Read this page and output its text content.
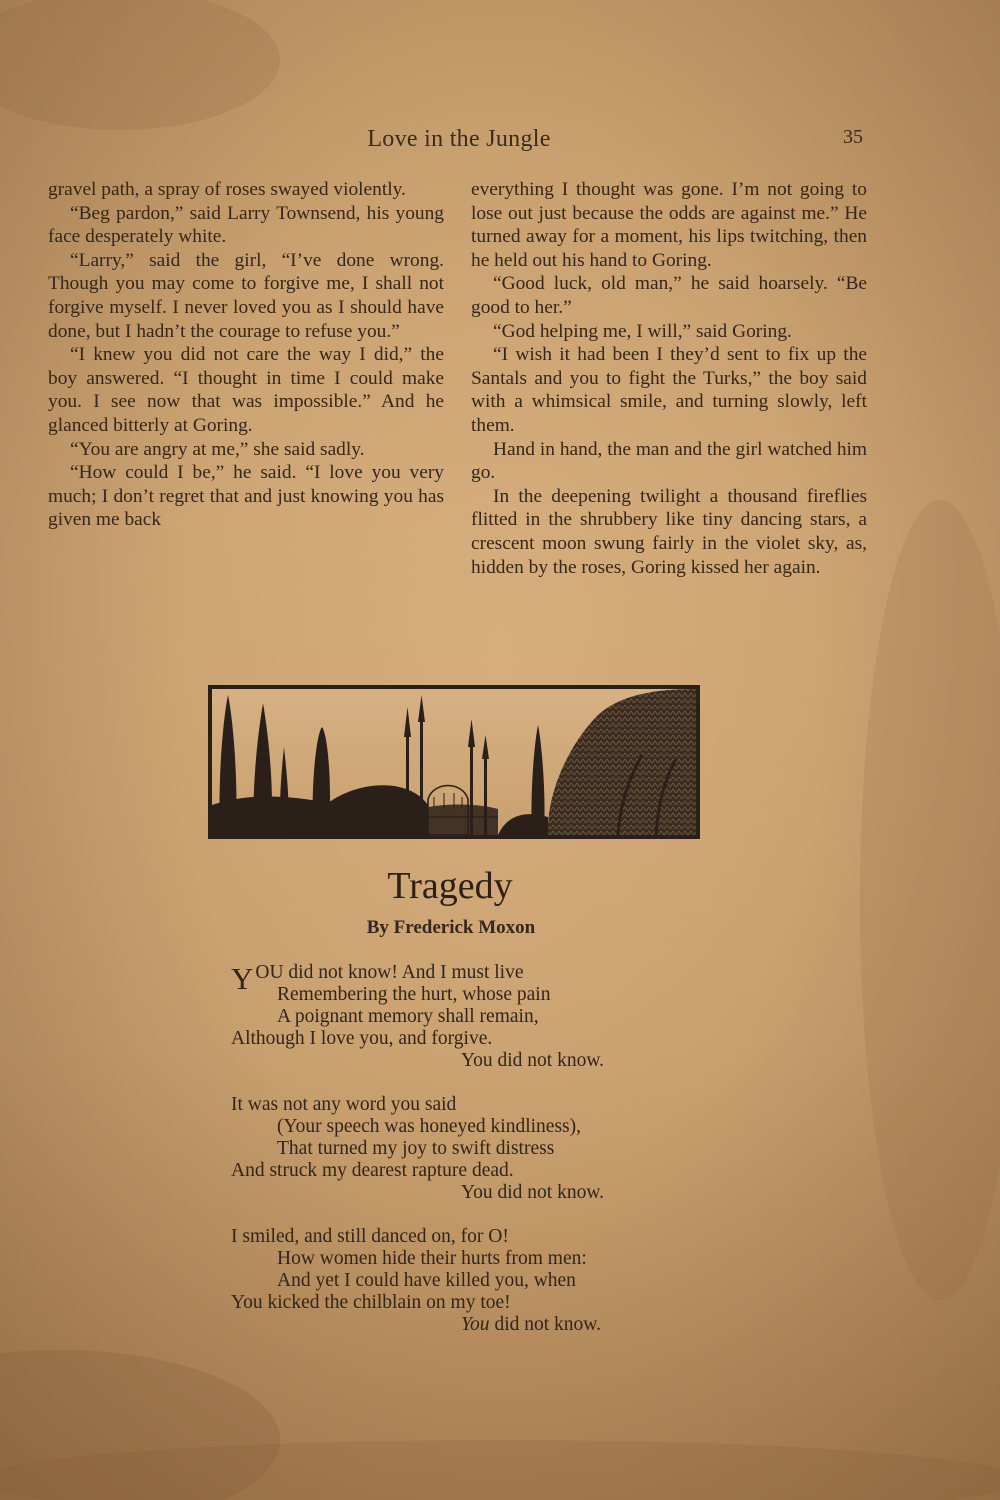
Love in the Jungle	35

gravel path, a spray of roses swayed violently.

“Beg pardon,” said Larry Townsend, his young face desperately white.

“Larry,” said the girl, “I’ve done wrong. Though you may come to forgive me, I shall not forgive myself. I never loved you as I should have done, but I hadn’t the courage to refuse you.”

“I knew you did not care the way I did,” the boy answered. “I thought in time I could make you. I see now that was impossible.” And he glanced bitterly at Goring.

“You are angry at me,” she said sadly.

“How could I be,” he said. “I love you very much; I don’t regret that and just knowing you has given me back

everything I thought was gone. I’m not going to lose out just because the odds are against me.” He turned away for a moment, his lips twitching, then he held out his hand to Goring.

“Good luck, old man,” he said hoarsely. “Be good to her.”

“God helping me, I will,” said Goring.

“I wish it had been I they’d sent to fix up the Santals and you to fight the Turks,” the boy said with a whimsical smile, and turning slowly, left them.

Hand in hand, the man and the girl watched him go.

In the deepening twilight a thousand fireflies flitted in the shrubbery like tiny dancing stars, a crescent moon swung fairly in the violet sky, as, hidden by the roses, Goring kissed her again.

Tragedy
By Frederick Moxon
YOU did not know! And I must live
Remembering the hurt, whose pain
A poignant memory shall remain,
Although I love you, and forgive.
You did not know.
It was not any word you said
(Your speech was honeyed kindliness),
That turned my joy to swift distress
And struck my dearest rapture dead.
You did not know.
I smiled, and still danced on, for O!
How women hide their hurts from men:
And yet I could have killed you, when
You kicked the chilblain on my toe!
You did not know.
